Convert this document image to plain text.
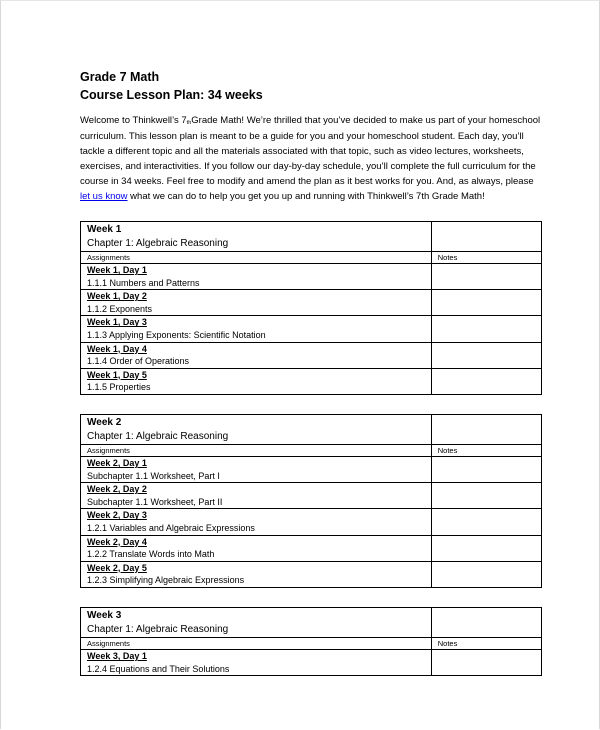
Grade 7 Math
Course Lesson Plan: 34 weeks

Welcome to Thinkwell’s $7_{th}Grade$ Math! We’re thrilled that you’ve decided to make us part of your homeschool curriculum. This lesson plan is meant to be a guide for you and your homeschool student. Each day, you’ll tackle a different topic and all the materials associated with that topic, such as video lectures, worksheets, exercises, and interactivities. If you follow our day-by-day schedule, you’ll complete the full curriculum for the course in 34 weeks. Feel free to modify and amend the plan as it best works for you. And, as always, please let us know what we can do to help you get you up and running with Thinkwell’s 7th Grade Math!

Week 1
Chapter 1: Algebraic Reasoning	

Assignments	Notes

Week 1, Day 1
1.1.1 Numbers and Patterns	

Week 1, Day 2
1.1.2 Exponents	

Week 1, Day 3
1.1.3 Applying Exponents: Scientific Notation	

Week 1, Day 4
1.1.4 Order of Operations	

Week 1, Day 5
1.1.5 Properties	

Week 2
Chapter 1: Algebraic Reasoning	

Assignments	Notes

Week 2, Day 1
Subchapter 1.1 Worksheet, Part I	

Week 2, Day 2
Subchapter 1.1 Worksheet, Part II	

Week 2, Day 3
1.2.1 Variables and Algebraic Expressions	

Week 2, Day 4
1.2.2 Translate Words into Math	

Week 2, Day 5
1.2.3 Simplifying Algebraic Expressions	

Week 3
Chapter 1: Algebraic Reasoning	

Assignments	Notes

Week 3, Day 1
1.2.4 Equations and Their Solutions	
